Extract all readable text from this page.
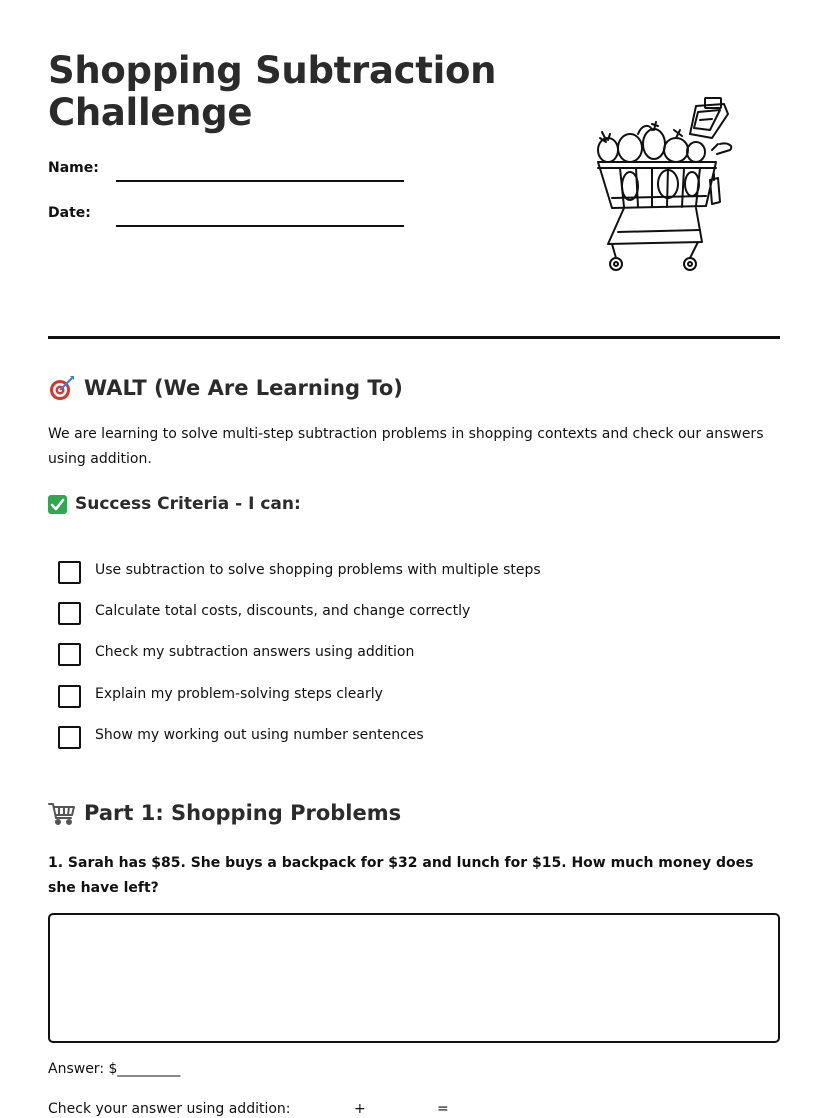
Shopping Subtraction Challenge
Name:
Date:
WALT (We Are Learning To)
We are learning to solve multi-step subtraction problems in shopping contexts and check our answers using addition.
Success Criteria - I can:
Use subtraction to solve shopping problems with multiple steps
Calculate total costs, discounts, and change correctly
Check my subtraction answers using addition
Explain my problem-solving steps clearly
Show my working out using number sentences
Part 1: Shopping Problems
1. Sarah has $85. She buys a backpack for $32 and lunch for $15. How much money does she have left?
Answer: $_________
Check your answer using addition:	+	=
